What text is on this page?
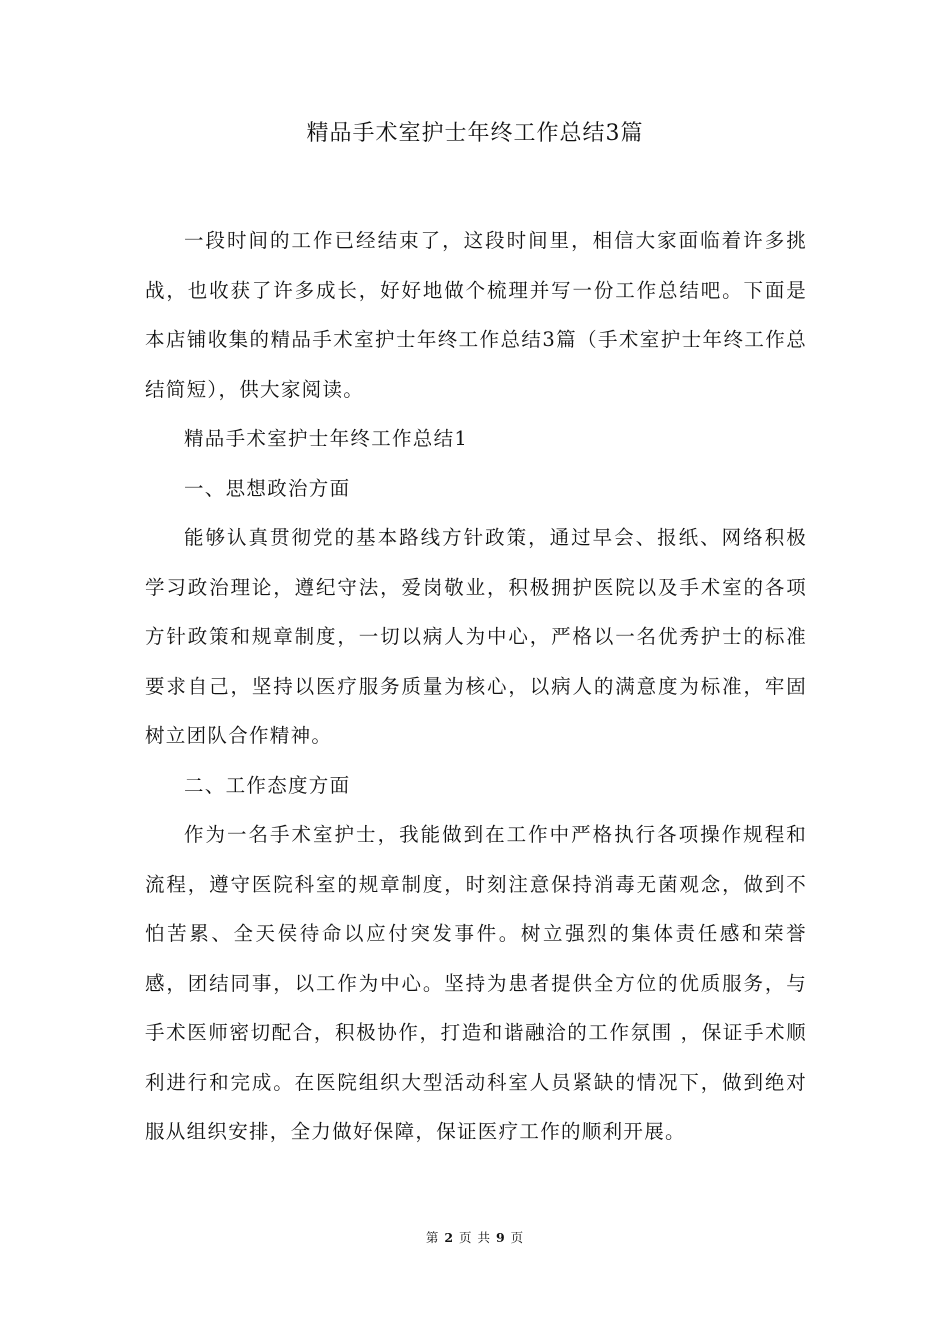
精品手术室护士年终工作总结3篇

一段时间的工作已经结束了，这段时间里，相信大家面临着许多挑战，也收获了许多成长，好好地做个梳理并写一份工作总结吧。下面是本店铺收集的精品手术室护士年终工作总结3篇（手术室护士年终工作总结简短），供大家阅读。

精品手术室护士年终工作总结1

一、思想政治方面

能够认真贯彻党的基本路线方针政策，通过早会、报纸、网络积极学习政治理论，遵纪守法，爱岗敬业，积极拥护医院以及手术室的各项方针政策和规章制度，一切以病人为中心，严格以一名优秀护士的标准要求自己，坚持以医疗服务质量为核心，以病人的满意度为标准，牢固树立团队合作精神。

二、工作态度方面

作为一名手术室护士，我能做到在工作中严格执行各项操作规程和流程，遵守医院科室的规章制度，时刻注意保持消毒无菌观念，做到不怕苦累、全天侯待命以应付突发事件。树立强烈的集体责任感和荣誉感，团结同事，以工作为中心。坚持为患者提供全方位的优质服务，与手术医师密切配合，积极协作，打造和谐融洽的工作氛围 ，保证手术顺利进行和完成。在医院组织大型活动科室人员紧缺的情况下，做到绝对服从组织安排，全力做好保障，保证医疗工作的顺利开展。

第 2 页 共 9 页
